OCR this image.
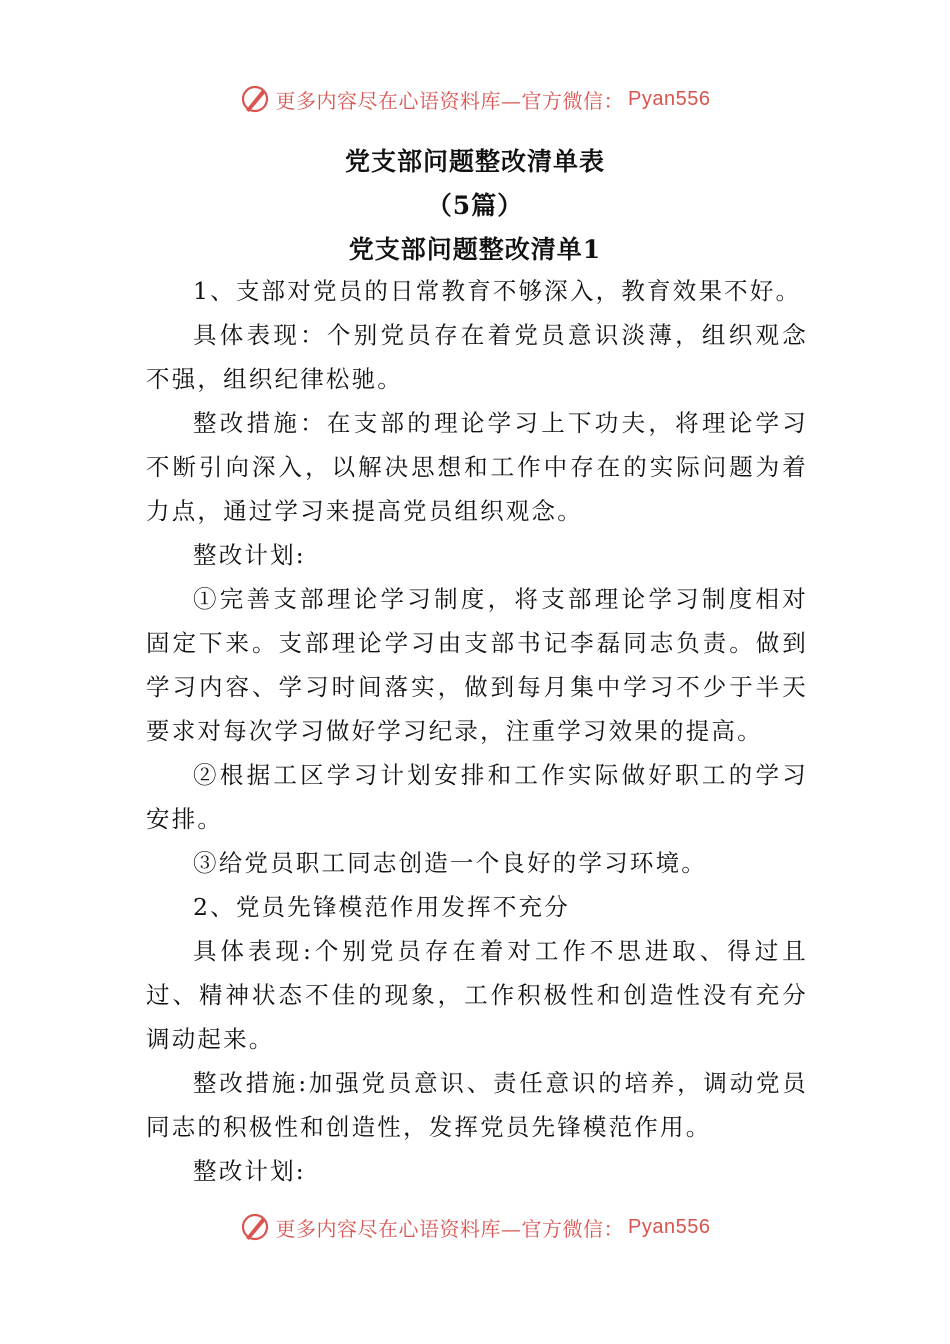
更多内容尽在心语资料库—官方微信： Pyan556
党支部问题整改清单表
（5篇）
党支部问题整改清单1

1、支部对党员的日常教育不够深入，教育效果不好。

具体表现：个别党员存在着党员意识淡薄，组织观念不强，组织纪律松驰。

整改措施：在支部的理论学习上下功夫，将理论学习不断引向深入，以解决思想和工作中存在的实际问题为着力点，通过学习来提高党员组织观念。

整改计划:

①完善支部理论学习制度，将支部理论学习制度相对固定下来。支部理论学习由支部书记李磊同志负责。做到学习内容、学习时间落实，做到每月集中学习不少于半天要求对每次学习做好学习纪录，注重学习效果的提高。

②根据工区学习计划安排和工作实际做好职工的学习安排。

③给党员职工同志创造一个良好的学习环境。

2、党员先锋模范作用发挥不充分

具体表现:个别党员存在着对工作不思进取、得过且过、精神状态不佳的现象，工作积极性和创造性没有充分调动起来。

整改措施:加强党员意识、责任意识的培养，调动党员同志的积极性和创造性，发挥党员先锋模范作用。

整改计划:

更多内容尽在心语资料库—官方微信： Pyan556
